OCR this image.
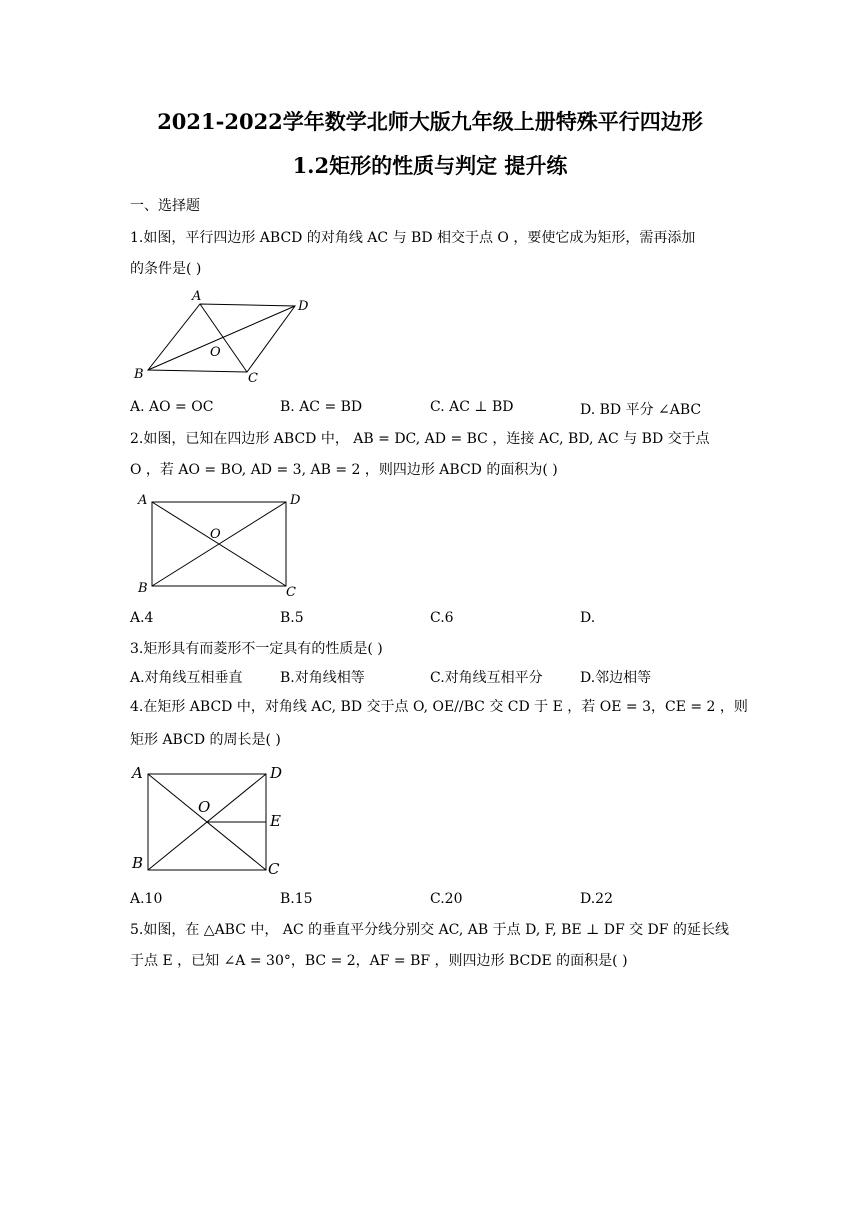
2021-2022学年数学北师大版九年级上册特殊平行四边形
1.2矩形的性质与判定 提升练
一、选择题
1.如图，平行四边形 ABCD 的对角线 AC 与 BD 相交于点 O ，要使它成为矩形，需再添加
的条件是( )
A
D
O
B	C
A. AO = OC	B. AC = BD	C. AC ⊥ BD	D. BD 平分 ∠ABC
2.如图，已知在四边形 ABCD 中， AB = DC, AD = BC ，连接 AC, BD, AC 与 BD 交于点
O ，若 AO = BO, AD = 3, AB = 2 ，则四边形 ABCD 的面积为( )
A	D
O
B	C
A.4	B.5	C.6	D.
3.矩形具有而菱形不一定具有的性质是( )
A.对角线互相垂直	B.对角线相等	C.对角线互相平分	D.邻边相等
4.在矩形 ABCD 中，对角线 AC, BD 交于点 O, OE//BC 交 CD 于 E ，若 OE = 3，CE = 2 ，则
矩形 ABCD 的周长是( )
A	D
O
E
B	C
A.10	B.15	C.20	D.22
5.如图，在 △ABC 中， AC 的垂直平分线分别交 AC, AB 于点 D, F, BE ⊥ DF 交 DF 的延长线
于点 E ，已知 ∠A = 30°，BC = 2，AF = BF ，则四边形 BCDE 的面积是( )
